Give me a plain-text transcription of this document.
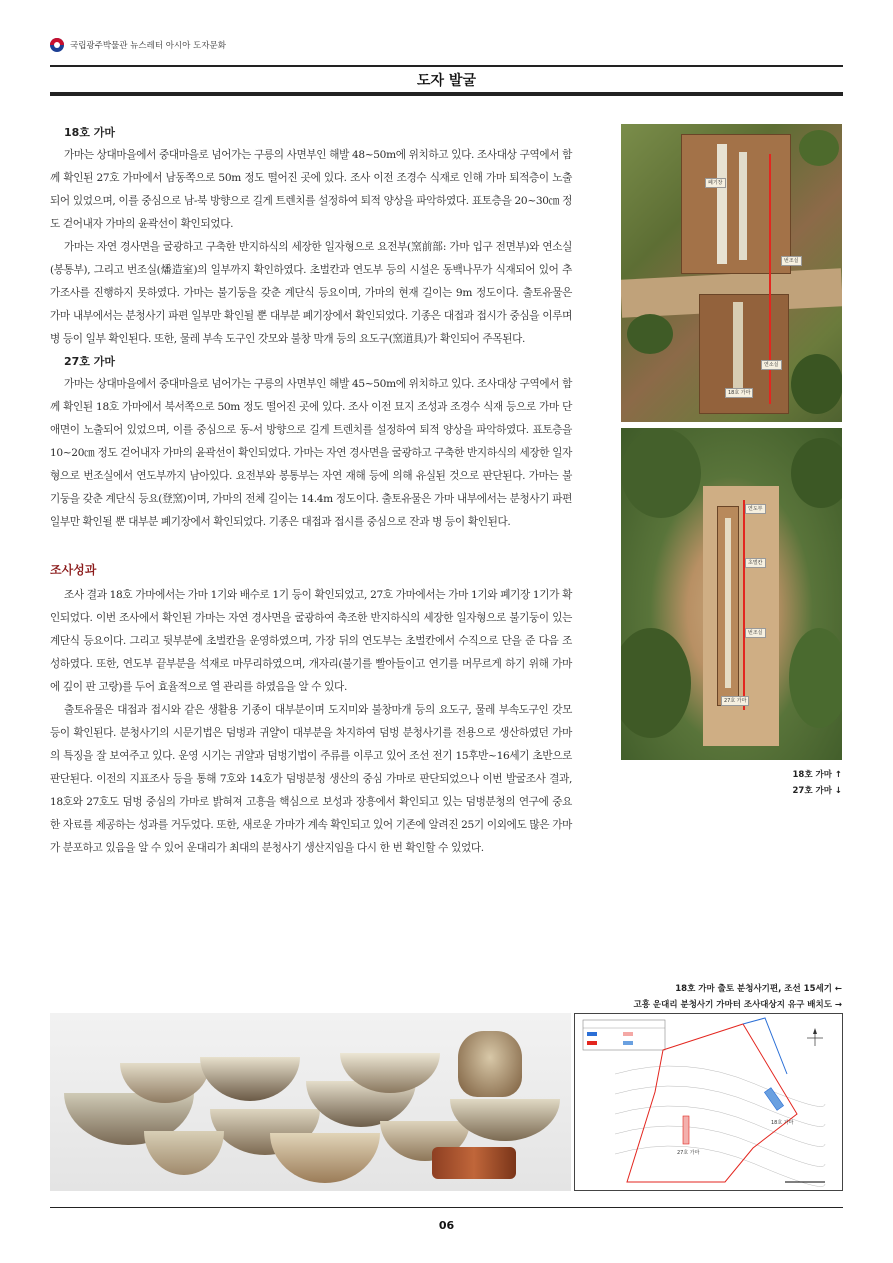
국립광주박물관 뉴스레터 아시아 도자문화
도자 발굴
18호 가마

가마는 상대마을에서 중대마을로 넘어가는 구릉의 사면부인 해발 48~50m에 위치하고 있다. 조사대상 구역에서 함께 확인된 27호 가마에서 남동쪽으로 50m 정도 떨어진 곳에 있다. 조사 이전 조경수 식재로 인해 가마 퇴적층이 노출되어 있었으며, 이를 중심으로 남-북 방향으로 길게 트렌치를 설정하여 퇴적 양상을 파악하였다. 표토층을 20~30㎝ 정도 걷어내자 가마의 윤곽선이 확인되었다.

가마는 자연 경사면을 굴광하고 구축한 반지하식의 세장한 일자형으로 요전부(窯前部: 가마 입구 전면부)와 연소실(봉통부), 그리고 번조실(燔造室)의 일부까지 확인하였다. 초벌칸과 연도부 등의 시설은 동백나무가 식재되어 있어 추가조사를 진행하지 못하였다. 가마는 불기둥을 갖춘 계단식 등요이며, 가마의 현재 길이는 9m 정도이다. 출토유물은 가마 내부에서는 분청사기 파편 일부만 확인될 뿐 대부분 폐기장에서 확인되었다. 기종은 대접과 접시가 중심을 이루며 병 등이 일부 확인된다. 또한, 물레 부속 도구인 갓모와 불창 막개 등의 요도구(窯道具)가 확인되어 주목된다.

27호 가마

가마는 상대마을에서 중대마을로 넘어가는 구릉의 사면부인 해발 45~50m에 위치하고 있다. 조사대상 구역에서 함께 확인된 18호 가마에서 북서쪽으로 50m 정도 떨어진 곳에 있다. 조사 이전 묘지 조성과 조경수 식재 등으로 가마 단애면이 노출되어 있었으며, 이를 중심으로 동-서 방향으로 길게 트렌치를 설정하여 퇴적 양상을 파악하였다. 표토층을 10~20㎝ 정도 걷어내자 가마의 윤곽선이 확인되었다. 가마는 자연 경사면을 굴광하고 구축한 반지하식의 세장한 일자형으로 번조실에서 연도부까지 남아있다. 요전부와 봉통부는 자연 재해 등에 의해 유실된 것으로 판단된다. 가마는 불기둥을 갖춘 계단식 등요(登窯)이며, 가마의 전체 길이는 14.4m 정도이다. 출토유물은 가마 내부에서는 분청사기 파편 일부만 확인될 뿐 대부분 폐기장에서 확인되었다. 기종은 대접과 접시를 중심으로 잔과 병 등이 확인된다.

조사성과

조사 결과 18호 가마에서는 가마 1기와 배수로 1기 등이 확인되었고, 27호 가마에서는 가마 1기와 폐기장 1기가 확인되었다. 이번 조사에서 확인된 가마는 자연 경사면을 굴광하여 축조한 반지하식의 세장한 일자형으로 불기둥이 있는 계단식 등요이다. 그리고 뒷부분에 초벌칸을 운영하였으며, 가장 뒤의 연도부는 초벌칸에서 수직으로 단을 준 다음 조성하였다. 또한, 연도부 끝부분을 석재로 마무리하였으며, 개자리(불기를 빨아들이고 연기를 머무르게 하기 위해 가마에 깊이 판 고랑)를 두어 효율적으로 열 관리를 하였음을 알 수 있다.

출토유물은 대접과 접시와 같은 생활용 기종이 대부분이며 도지미와 불창마개 등의 요도구, 물레 부속도구인 갓모 등이 확인된다. 분청사기의 시문기법은 덤벙과 귀얄이 대부분을 차지하여 덤벙 분청사기를 전용으로 생산하였던 가마의 특징을 잘 보여주고 있다. 운영 시기는 귀얄과 덤벙기법이 주류를 이루고 있어 조선 전기 15후반~16세기 초반으로 판단된다. 이전의 지표조사 등을 통해 7호와 14호가 덤벙분청 생산의 중심 가마로 판단되었으나 이번 발굴조사 결과, 18호와 27호도 덤벙 중심의 가마로 밝혀져 고흥을 핵심으로 보성과 장흥에서 확인되고 있는 덤벙분청의 연구에 중요한 자료를 제공하는 성과를 거두었다. 또한, 새로운 가마가 계속 확인되고 있어 기존에 알려진 25기 이외에도 많은 가마가 분포하고 있음을 알 수 있어 운대리가 최대의 분청사기 생산지임을 다시 한 번 확인할 수 있었다.

폐기장
번조실
연소실
18호 가마
연도부
초벌칸
번조실
27호 가마
18호 가마 ↑
27호 가마 ↓
18호 가마 출토 분청사기편, 조선 15세기 ←
고흥 운대리 분청사기 가마터 조사대상지 유구 배치도 →
18호 가마
27호 가마
06
